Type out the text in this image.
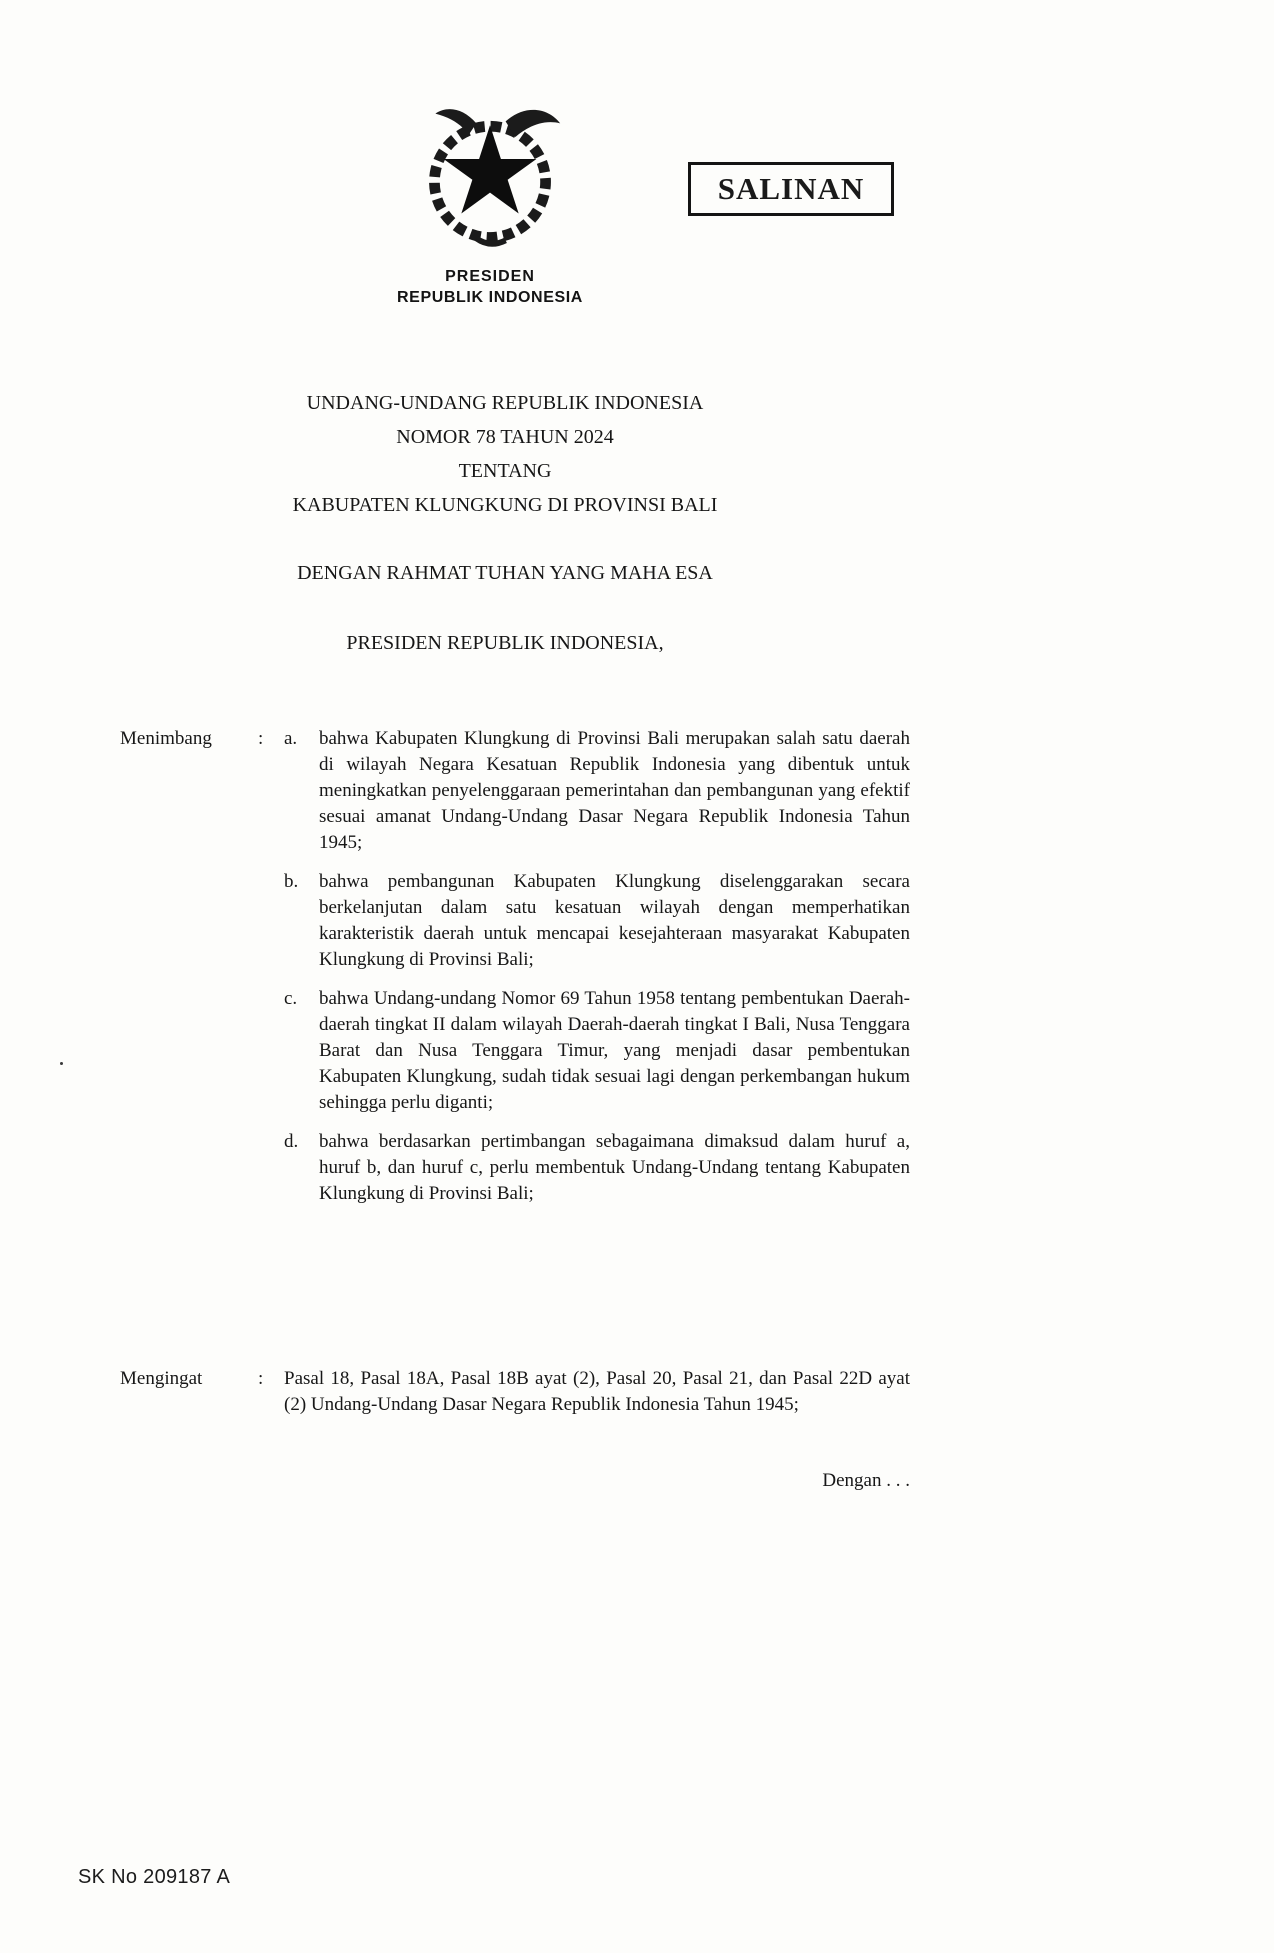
SALINAN
PRESIDEN
REPUBLIK INDONESIA
UNDANG-UNDANG REPUBLIK INDONESIA
NOMOR 78 TAHUN 2024
TENTANG
KABUPATEN KLUNGKUNG DI PROVINSI BALI
DENGAN RAHMAT TUHAN YANG MAHA ESA
PRESIDEN REPUBLIK INDONESIA,
Menimbang	:	a.	bahwa Kabupaten Klungkung di Provinsi Bali merupakan salah satu daerah di wilayah Negara Kesatuan Republik Indonesia yang dibentuk untuk meningkatkan penyelenggaraan pemerintahan dan pembangunan yang efektif sesuai amanat Undang-Undang Dasar Negara Republik Indonesia Tahun 1945;
b.	bahwa pembangunan Kabupaten Klungkung diselenggarakan secara berkelanjutan dalam satu kesatuan wilayah dengan memperhatikan karakteristik daerah untuk mencapai kesejahteraan masyarakat Kabupaten Klungkung di Provinsi Bali;
c.	bahwa Undang-undang Nomor 69 Tahun 1958 tentang pembentukan Daerah-daerah tingkat II dalam wilayah Daerah-daerah tingkat I Bali, Nusa Tenggara Barat dan Nusa Tenggara Timur, yang menjadi dasar pembentukan Kabupaten Klungkung, sudah tidak sesuai lagi dengan perkembangan hukum sehingga perlu diganti;
d.	bahwa berdasarkan pertimbangan sebagaimana dimaksud dalam huruf a, huruf b, dan huruf c, perlu membentuk Undang-Undang tentang Kabupaten Klungkung di Provinsi Bali;
Mengingat	:	Pasal 18, Pasal 18A, Pasal 18B ayat (2), Pasal 20, Pasal 21, dan Pasal 22D ayat (2) Undang-Undang Dasar Negara Republik Indonesia Tahun 1945;
Dengan . . .
SK No 209187 A
